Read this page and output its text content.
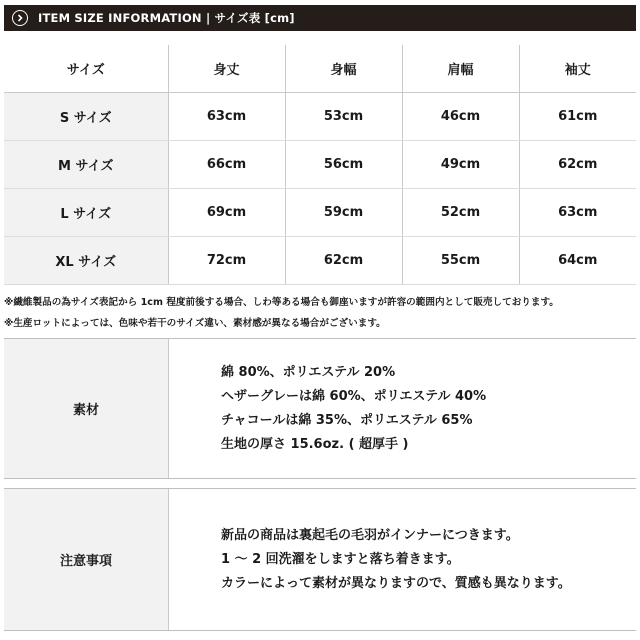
ITEM SIZE INFORMATION | サイズ表 [cm]
サイズ	身丈	身幅	肩幅	袖丈
S サイズ	63cm	53cm	46cm	61cm
M サイズ	66cm	56cm	49cm	62cm
L サイズ	69cm	59cm	52cm	63cm
XL サイズ	72cm	62cm	55cm	64cm
※繊維製品の為サイズ表記から 1cm 程度前後する場合、しわ等ある場合も御座いますが許容の範囲内として販売しております。
※生産ロットによっては、色味や若干のサイズ違い、素材感が異なる場合がございます。
素材
綿 80%、ポリエステル 20%
ヘザーグレーは綿 60%、ポリエステル 40%
チャコールは綿 35%、ポリエステル 65%
生地の厚さ 15.6oz. ( 超厚手 )
注意事項
新品の商品は裏起毛の毛羽がインナーにつきます。
1 ～ 2 回洗濯をしますと落ち着きます。
カラーによって素材が異なりますので、質感も異なります。
